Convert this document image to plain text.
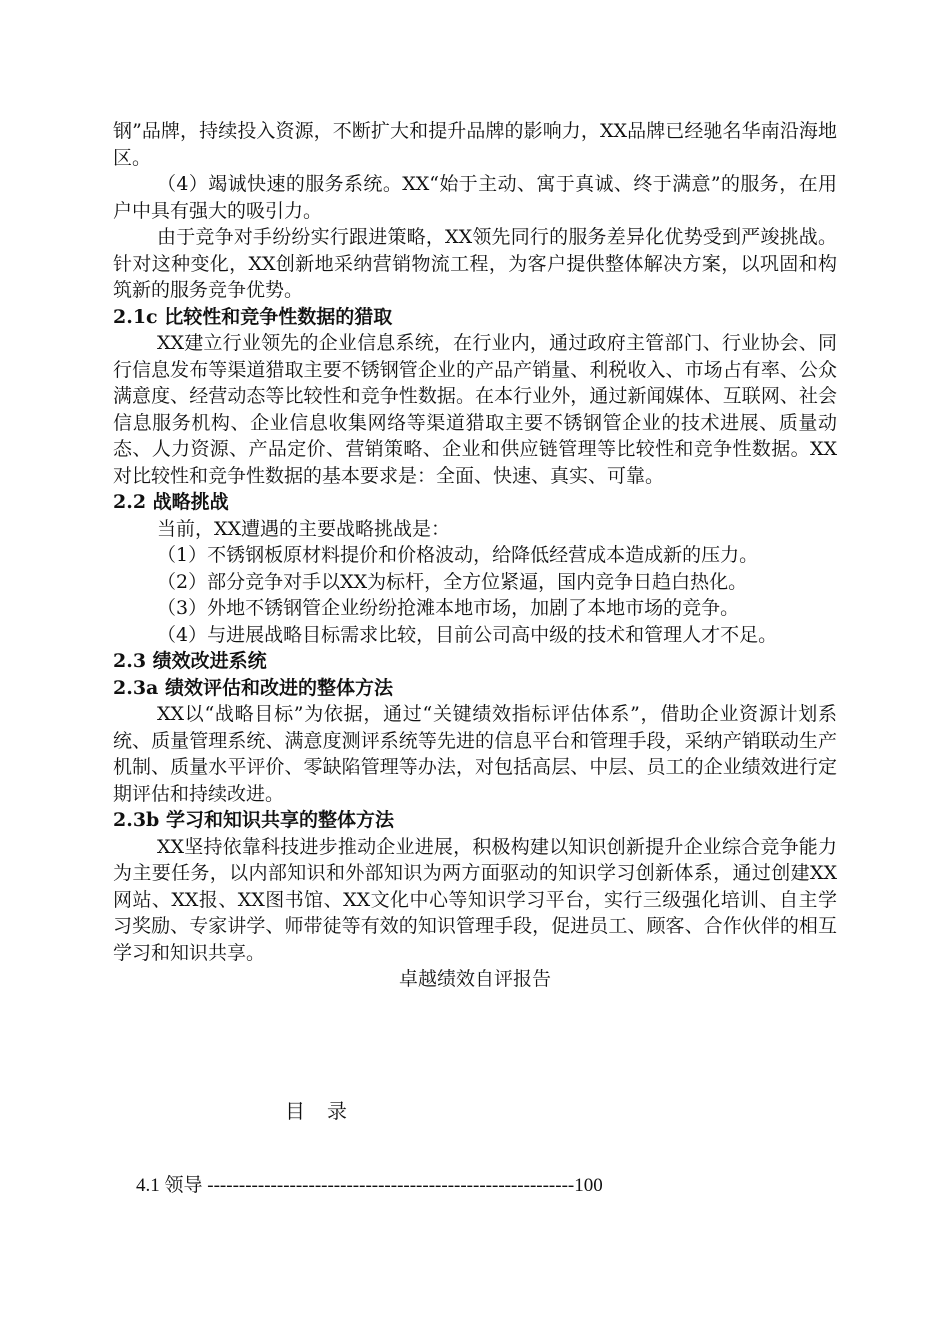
钢”品牌，持续投入资源，不断扩大和提升品牌的影响力，XX品牌已经驰名华南沿海地区。

（4）竭诚快速的服务系统。XX“始于主动、寓于真诚、终于满意”的服务，在用户中具有强大的吸引力。

由于竞争对手纷纷实行跟进策略，XX领先同行的服务差异化优势受到严竣挑战。针对这种变化，XX创新地采纳营销物流工程，为客户提供整体解决方案，以巩固和构筑新的服务竞争优势。

2.1c 比较性和竞争性数据的猎取

XX建立行业领先的企业信息系统，在行业内，通过政府主管部门、行业协会、同行信息发布等渠道猎取主要不锈钢管企业的产品产销量、利税收入、市场占有率、公众满意度、经营动态等比较性和竞争性数据。在本行业外，通过新闻媒体、互联网、社会信息服务机构、企业信息收集网络等渠道猎取主要不锈钢管企业的技术进展、质量动态、人力资源、产品定价、营销策略、企业和供应链管理等比较性和竞争性数据。XX对比较性和竞争性数据的基本要求是：全面、快速、真实、可靠。

2.2 战略挑战

当前，XX遭遇的主要战略挑战是：

（1）不锈钢板原材料提价和价格波动，给降低经营成本造成新的压力。

（2）部分竞争对手以XX为标杆，全方位紧逼，国内竞争日趋白热化。

（3）外地不锈钢管企业纷纷抢滩本地市场，加剧了本地市场的竞争。

（4）与进展战略目标需求比较，目前公司高中级的技术和管理人才不足。

2.3 绩效改进系统
2.3a 绩效评估和改进的整体方法

XX以“战略目标”为依据，通过“关键绩效指标评估体系”，借助企业资源计划系统、质量管理系统、满意度测评系统等先进的信息平台和管理手段，采纳产销联动生产机制、质量水平评价、零缺陷管理等办法，对包括高层、中层、员工的企业绩效进行定期评估和持续改进。

2.3b 学习和知识共享的整体方法

XX坚持依靠科技进步推动企业进展，积极构建以知识创新提升企业综合竞争能力为主要任务，以内部知识和外部知识为两方面驱动的知识学习创新体系，通过创建XX网站、XX报、XX图书馆、XX文化中心等知识学习平台，实行三级强化培训、自主学习奖励、专家讲学、师带徒等有效的知识管理手段，促进员工、顾客、合作伙伴的相互学习和知识共享。

卓越绩效自评报告

目 录
4.1 领导 ----------------------------------------------------------100
